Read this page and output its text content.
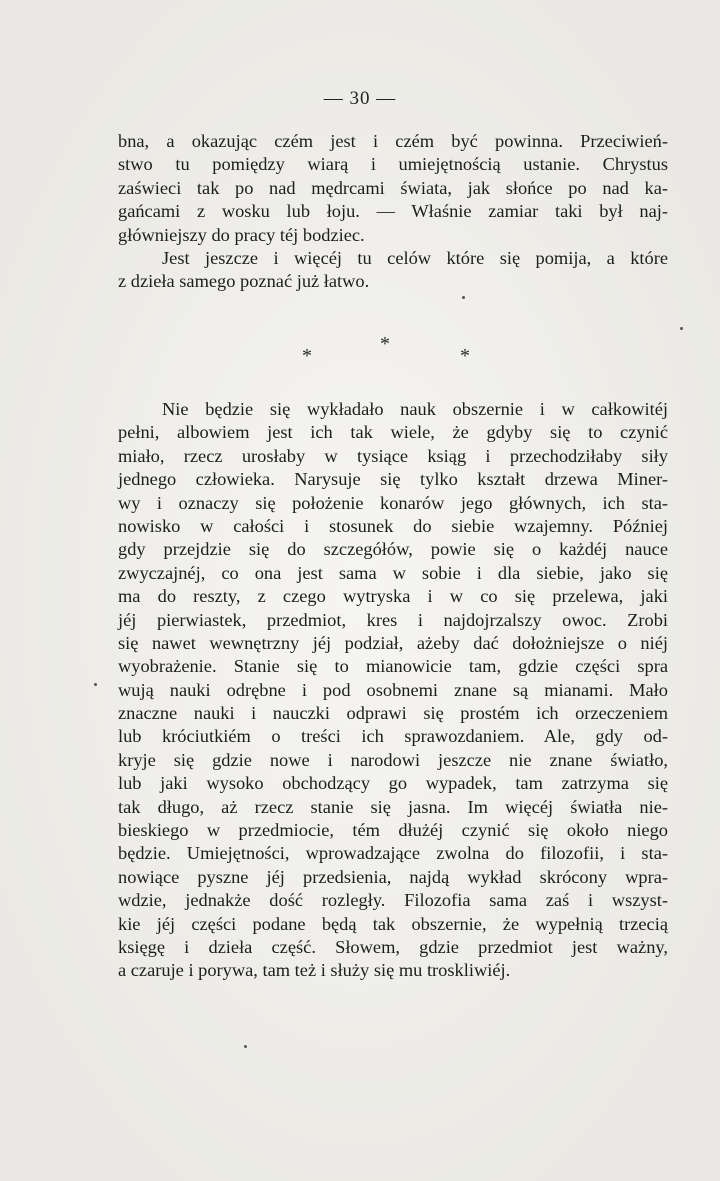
— 30 —
bna, a okazując czém jest i czém być powinna. Przeciwień-
stwo tu pomiędzy wiarą i umiejętnością ustanie. Chrystus
zaświeci tak po nad mędrcami świata, jak słońce po nad ka-
gańcami z wosku lub łoju. — Właśnie zamiar taki był naj-
główniejszy do pracy téj bodziec.
Jest jeszcze i więcéj tu celów które się pomija, a które
z dzieła samego poznać już łatwo.
*
*
*
Nie będzie się wykładało nauk obszernie i w całkowitéj
pełni, albowiem jest ich tak wiele, że gdyby się to czynić
miało, rzecz urosłaby w tysiące ksiąg i przechodziłaby siły
jednego człowieka. Narysuje się tylko kształt drzewa Miner-
wy i oznaczy się położenie konarów jego głównych, ich sta-
nowisko w całości i stosunek do siebie wzajemny. Później
gdy przejdzie się do szczegółów, powie się o każdéj nauce
zwyczajnéj, co ona jest sama w sobie i dla siebie, jako się
ma do reszty, z czego wytryska i w co się przelewa, jaki
jéj pierwiastek, przedmiot, kres i najdojrzalszy owoc. Zrobi
się nawet wewnętrzny jéj podział, ażeby dać dołożniejsze o niéj
wyobrażenie. Stanie się to mianowicie tam, gdzie części spra
wują nauki odrębne i pod osobnemi znane są mianami. Mało
znaczne nauki i nauczki odprawi się prostém ich orzeczeniem
lub króciutkiém o treści ich sprawozdaniem. Ale, gdy od-
kryje się gdzie nowe i narodowi jeszcze nie znane światło,
lub jaki wysoko obchodzący go wypadek, tam zatrzyma się
tak długo, aż rzecz stanie się jasna. Im więcéj światła nie-
bieskiego w przedmiocie, tém dłużéj czynić się około niego
będzie. Umiejętności, wprowadzające zwolna do filozofii, i sta-
nowiące pyszne jéj przedsienia, najdą wykład skrócony wpra-
wdzie, jednakże dość rozległy. Filozofia sama zaś i wszyst-
kie jéj części podane będą tak obszernie, że wypełnią trzecią
księgę i dzieła część. Słowem, gdzie przedmiot jest ważny,
a czaruje i porywa, tam też i służy się mu troskliwiéj.
